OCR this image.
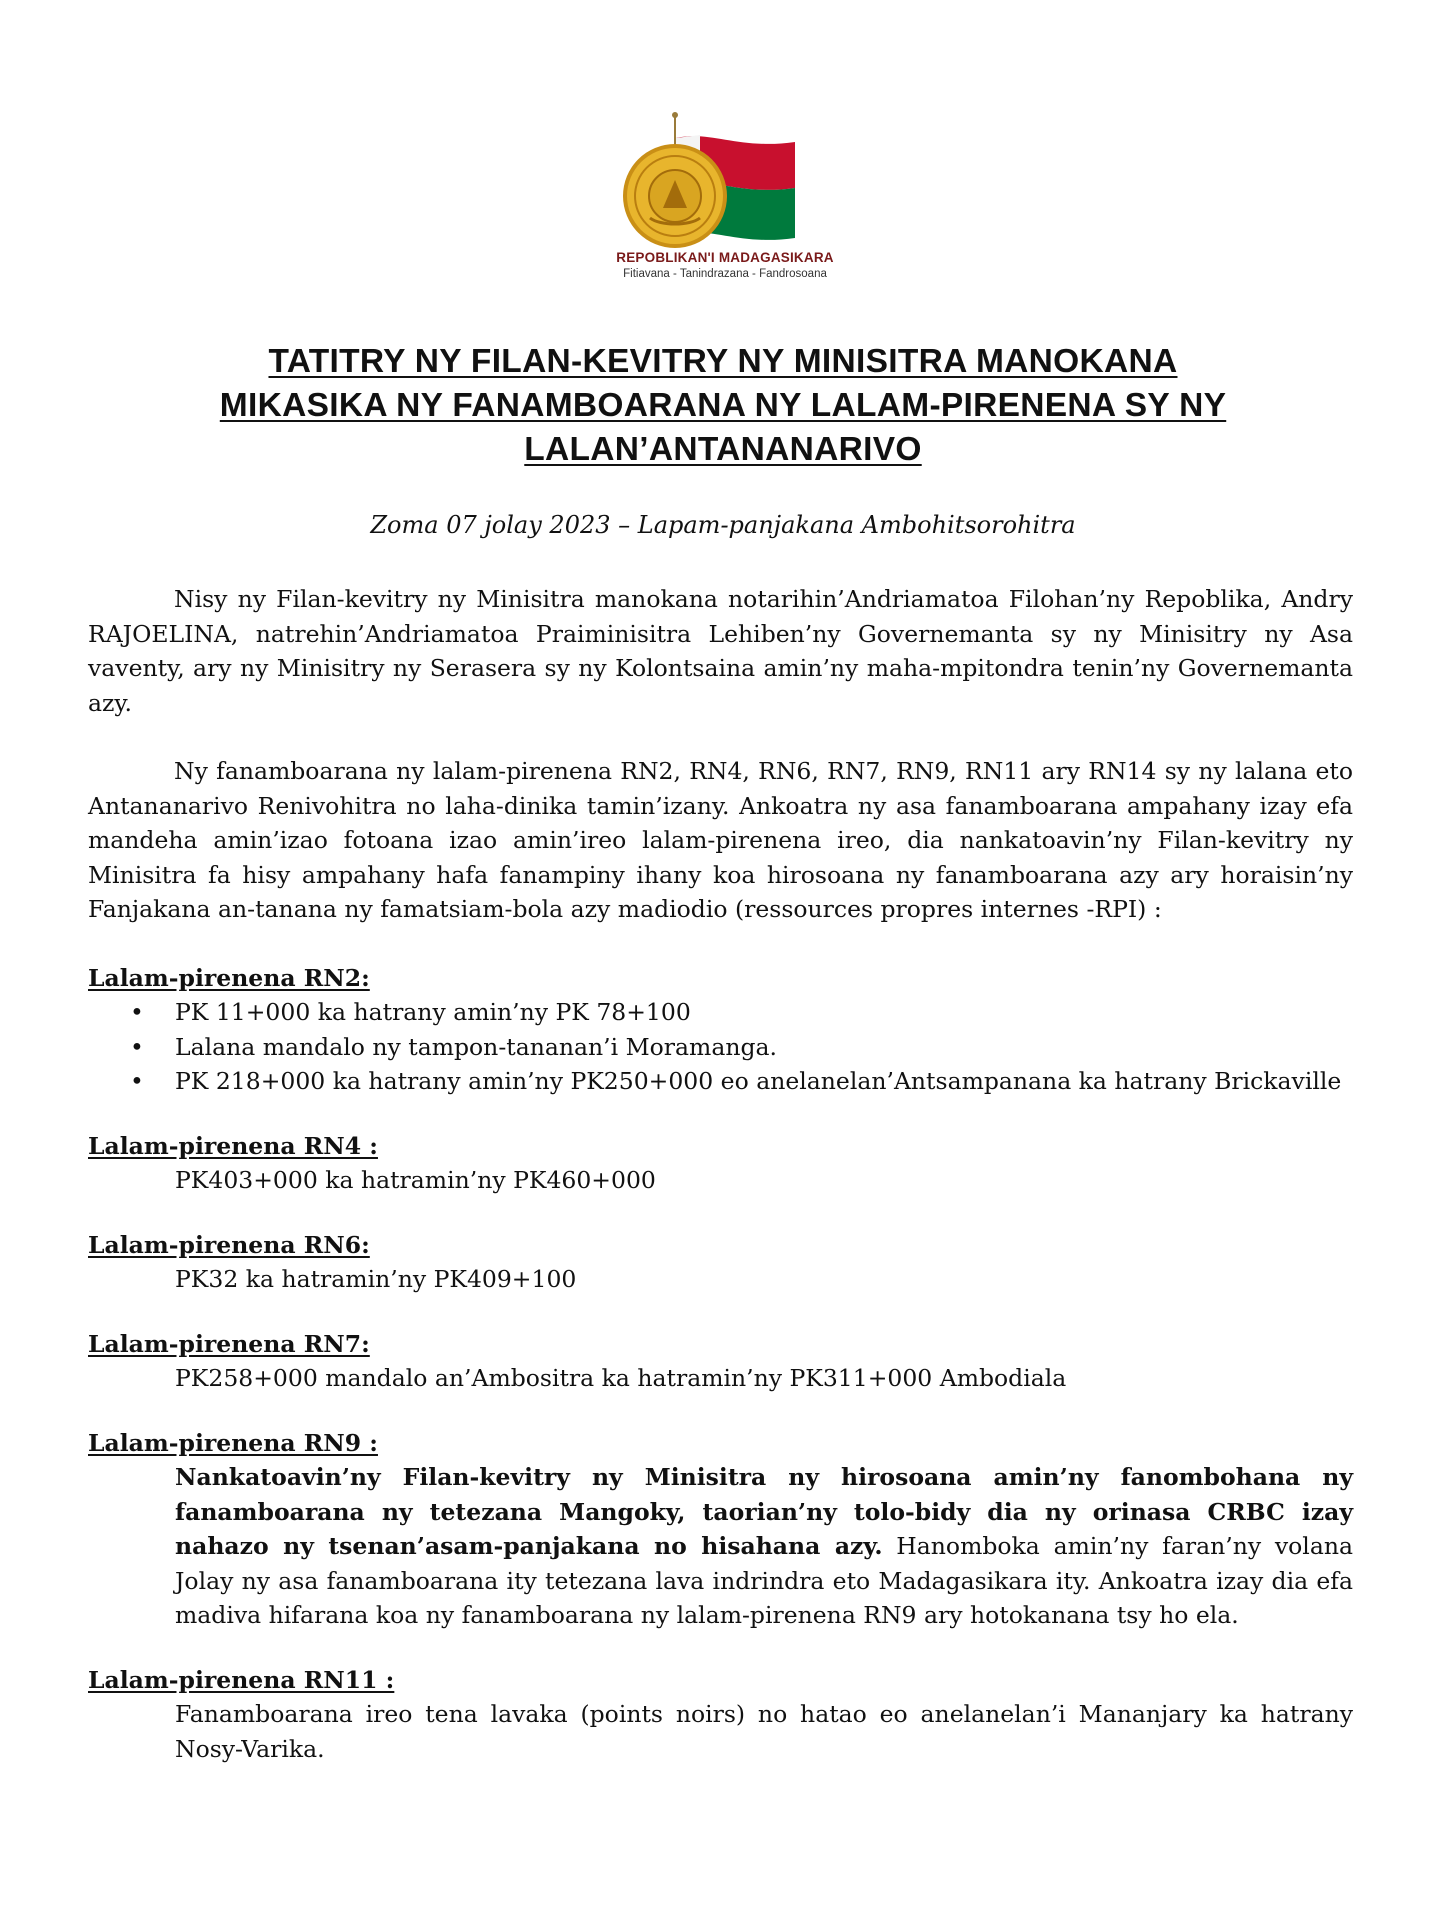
REPOBLIKAN'I MADAGASIKARA
Fitiavana - Tanindrazana - Fandrosoana
TATITRY NY FILAN-KEVITRY NY MINISITRA MANOKANA
MIKASIKA NY FANAMBOARANA NY LALAM-PIRENENA SY NY
LALAN’ANTANANARIVO
Zoma 07 jolay 2023 – Lapam-panjakana Ambohitsorohitra

Nisy ny Filan-kevitry ny Minisitra manokana notarihin’Andriamatoa Filohan’ny Repoblika, Andry RAJOELINA, natrehin’Andriamatoa Praiminisitra Lehiben’ny Governemanta sy ny Minisitry ny Asa vaventy, ary ny Minisitry ny Serasera sy ny Kolontsaina amin’ny maha-mpitondra tenin’ny Governemanta azy.

Ny fanamboarana ny lalam-pirenena RN2, RN4, RN6, RN7, RN9, RN11 ary RN14 sy ny lalana eto Antananarivo Renivohitra no laha-dinika tamin’izany. Ankoatra ny asa fanamboarana ampahany izay efa mandeha amin’izao fotoana izao amin’ireo lalam-pirenena ireo, dia nankatoavin’ny Filan-kevitry ny Minisitra fa hisy ampahany hafa fanampiny ihany koa hirosoana ny fanamboarana azy ary horaisin’ny Fanjakana an-tanana ny famatsiam-bola azy madiodio (ressources propres internes -RPI) :

Lalam-pirenena RN2:

• PK 11+000 ka hatrany amin’ny PK 78+100
• Lalana mandalo ny tampon-tananan’i Moramanga.
• PK 218+000 ka hatrany amin’ny PK250+000 eo anelanelan’Antsampanana ka hatrany Brickaville

Lalam-pirenena RN4 :

PK403+000 ka hatramin’ny PK460+000

Lalam-pirenena RN6:

PK32 ka hatramin’ny PK409+100

Lalam-pirenena RN7:

PK258+000 mandalo an’Ambositra ka hatramin’ny PK311+000 Ambodiala

Lalam-pirenena RN9 :

Nankatoavin’ny Filan-kevitry ny Minisitra ny hirosoana amin’ny fanombohana ny fanamboarana ny tetezana Mangoky, taorian’ny tolo-bidy dia ny orinasa CRBC izay nahazo ny tsenan’asam-panjakana no hisahana azy. Hanomboka amin’ny faran’ny volana Jolay ny asa fanamboarana ity tetezana lava indrindra eto Madagasikara ity. Ankoatra izay dia efa madiva hifarana koa ny fanamboarana ny lalam-pirenena RN9 ary hotokanana tsy ho ela.

Lalam-pirenena RN11 :

Fanamboarana ireo tena lavaka (points noirs) no hatao eo anelanelan’i Mananjary ka hatrany Nosy-Varika.
